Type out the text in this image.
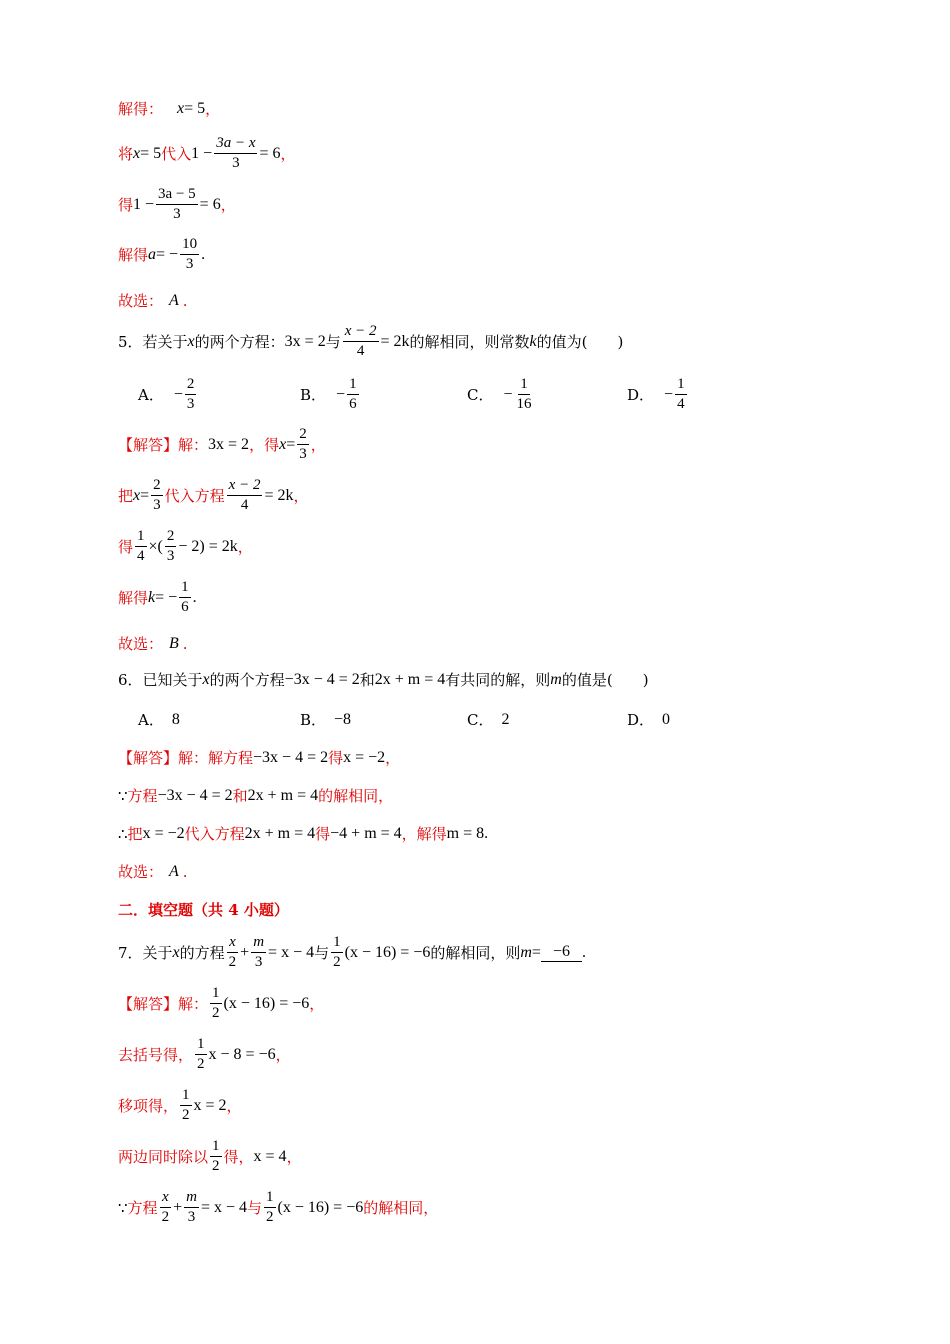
解得： x = 5 ，
将 x = 5 代入 $1 - \frac{3a - x}{3} = 6$ ，
得 $1 - \frac{3a - 5}{3} = 6$ ，
解得 a = − $\frac{10}{3}$ .
故选： A .
5．若关于 x 的两个方程： 3x = 2 与 $\frac{x - 2}{4} = 2k$ 的解相同，则常数 k 的值为( 　　)
A． − $\frac{2}{3}$	B． − $\frac{1}{6}$	C． − $\frac{1}{16}$	D． − $\frac{1}{4}$
【解答】 解： 3x = 2 ，得 $x = \frac{2}{3}$ ，
把 $x = \frac{2}{3}$ 代入方程 $\frac{x - 2}{4} = 2k$ ，
得 $\frac{1}{4}$ ×( $\frac{2}{3} - 2) = 2k$ ，
解得 k = − $\frac{1}{6}$ .
故选： B .
6．已知关于 x 的两个方程 −3x − 4 = 2 和 2x + m = 4 有共同的解，则 m 的值是( 　　)
A． 8	B． −8	C． 2	D． 0
【解答】 解：解方程 −3x − 4 = 2 得 x = −2 ，
∵ 方程 −3x − 4 = 2 和 2x + m = 4 的解相同，
∴ 把 x = −2 代入方程 2x + m = 4 得 −4 + m = 4 ，解得 m = 8 .
故选： A .
二．填空题（共 4 小题）
7．关于 x 的方程 $\frac{x}{2} + \frac{m}{3} = x - 4$ 与 $\frac{1}{2} (x - 16) = -6$ 的解相同，则 m = −6 .
【解答】 解： $\frac{1}{2} (x - 16) = -6$ ，
去括号得， $\frac{1}{2}$ x − 8 = −6 ，
移项得， $\frac{1}{2}$ x = 2 ，
两边同时除以 $\frac{1}{2}$ 得， x = 4 ，
∵ 方程 $\frac{x}{2} + \frac{m}{3} = x - 4$ 与 $\frac{1}{2} (x - 16) = -6$ 的解相同，
